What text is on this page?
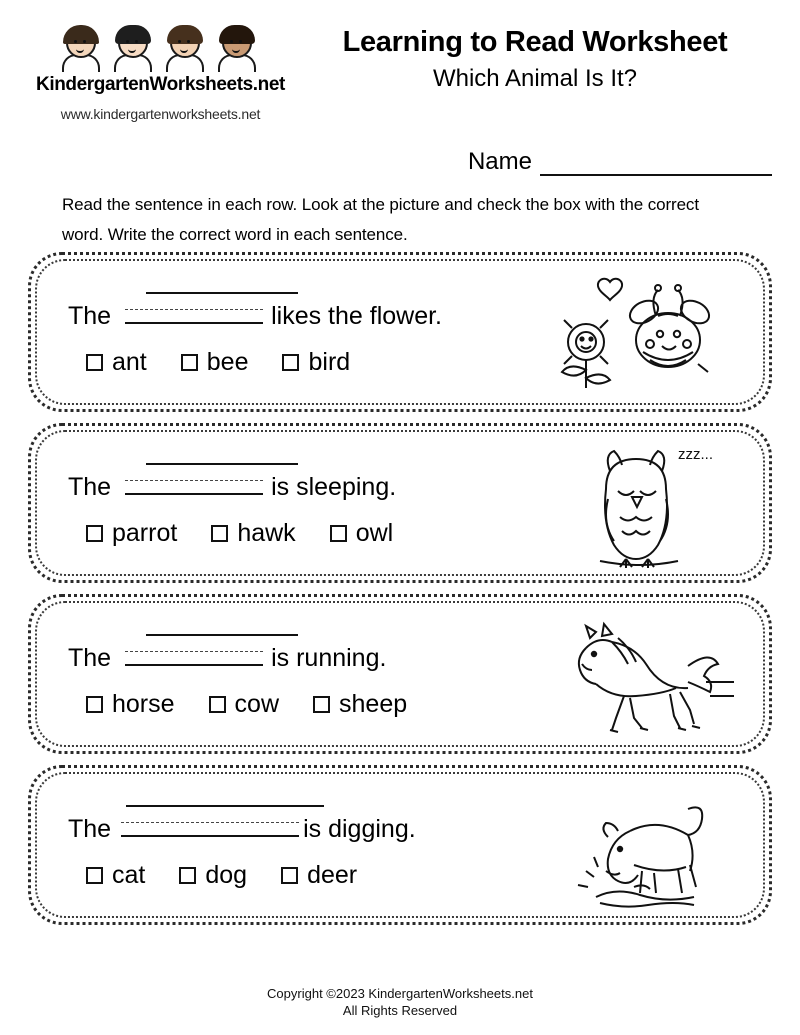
KindergartenWorksheets.net
www.kindergartenworksheets.net
Learning to Read Worksheet
Which Animal Is It?
Name
Read the sentence in each row. Look at the picture and check the box with the correct word. Write the correct word in each sentence.
The	likes the flower.
ant bee bird
The	is sleeping.
parrot hawk owl
zzz...
The	is running.
horse cow sheep
The	is digging.
cat dog deer
Copyright ©2023 KindergartenWorksheets.net
All Rights Reserved
